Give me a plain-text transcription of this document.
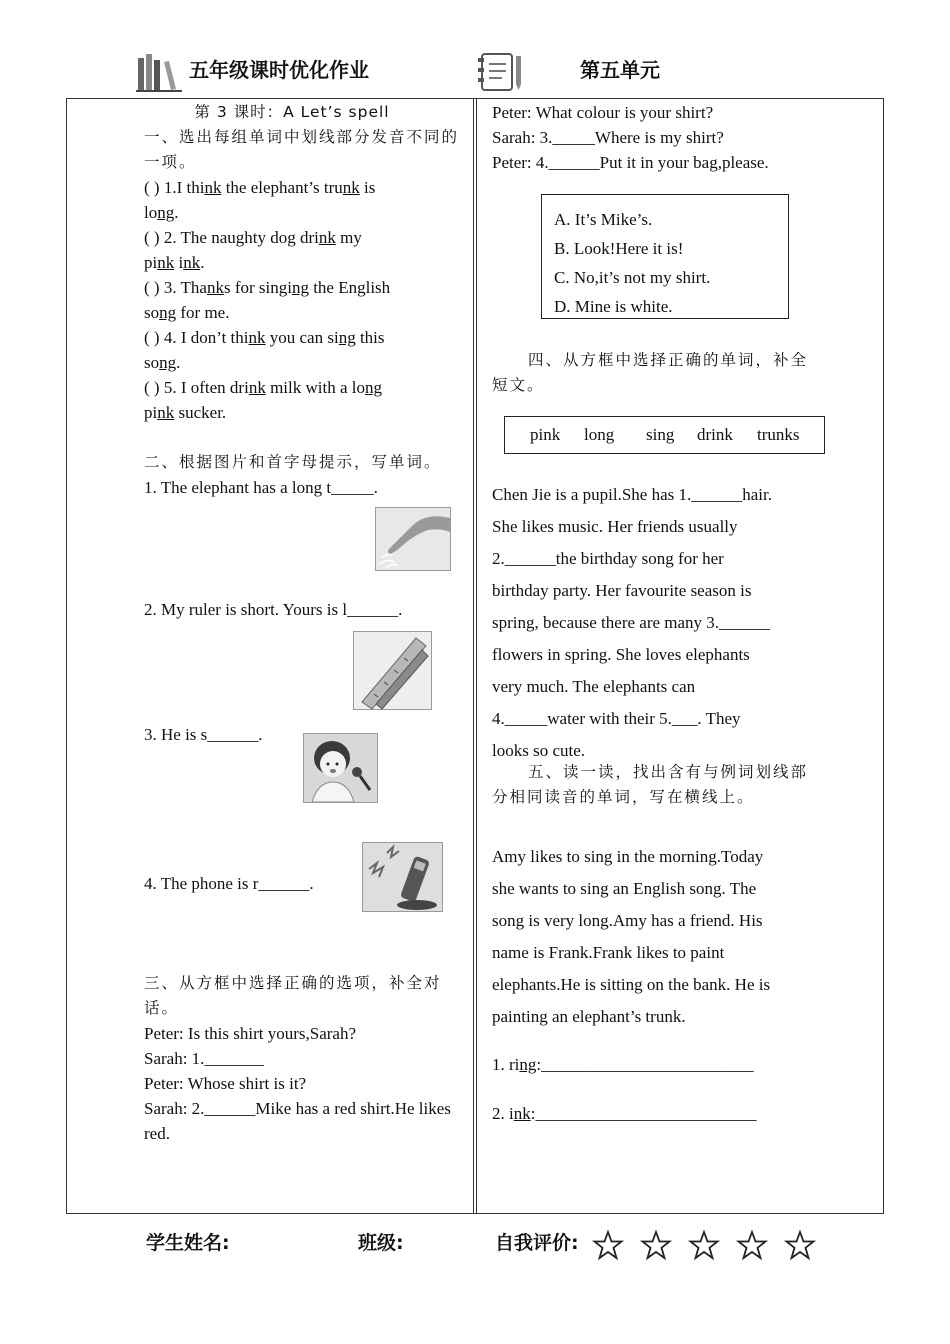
五年级课时优化作业	第五单元

第 3 课时：A Let’s spell

一、选出每组单词中划线部分发音不同的一项。

( ) 1.I think the elephant’s trunk is

long.

( ) 2. The naughty dog drink my

pink ink.

( ) 3. Thanks for singing the English

song for me.

( ) 4. I don’t think you can sing this

song.

( ) 5. I often drink milk with a long

pink sucker.

二、根据图片和首字母提示，写单词。

1. The elephant has a long t_____.

2. My ruler is short. Yours is l______.
3. He is s______.
4. The phone is r______.

三、从方框中选择正确的选项，补全对话。

Peter: Is this shirt yours,Sarah?

Sarah: 1._______

Peter: Whose shirt is it?

Sarah: 2.______Mike has a red shirt.He likes red.

Peter: What colour is your shirt?

Sarah: 3._____Where is my shirt?

Peter: 4.______Put it in your bag,please.

A. It’s Mike’s.
B. Look!Here it is!
C. No,it’s not my shirt.
D. Mine is white.

四、从方框中选择正确的单词，补全短文。

pink long sing drink trunks

Chen Jie is a pupil.She has 1.______hair.

She likes music. Her friends usually

2.______the birthday song for her

birthday party. Her favourite season is

spring, because there are many 3.______

flowers in spring. She loves elephants

very much. The elephants can

4._____water with their 5.___. They

looks so cute.

五、读一读，找出含有与例词划线部分相同读音的单词，写在横线上。

Amy likes to sing in the morning.Today

she wants to sing an English song. The

song is very long.Amy has a friend. His

name is Frank.Frank likes to paint

elephants.He is sitting on the bank. He is

painting an elephant’s trunk.

1. ring:_________________________
2. ink:__________________________
学生姓名:	班级:	自我评价:
